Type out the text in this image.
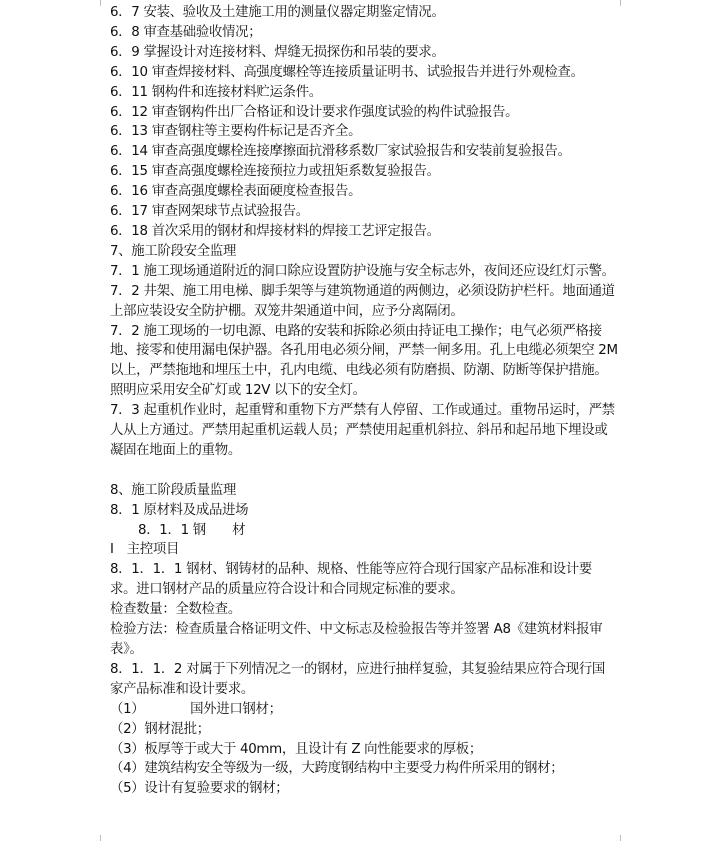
6．7 安装、验收及土建施工用的测量仪器定期鉴定情况。

6．8 审查基础验收情况；

6．9 掌握设计对连接材料、焊缝无损探伤和吊装的要求。

6．10 审查焊接材料、高强度螺栓等连接质量证明书、试验报告并进行外观检查。

6．11 钢构件和连接材料贮运条件。

6．12 审查钢构件出厂合格证和设计要求作强度试验的构件试验报告。

6．13 审查钢柱等主要构件标记是否齐全。

6．14 审查高强度螺栓连接摩擦面抗滑移系数厂家试验报告和安装前复验报告。

6．15 审查高强度螺栓连接预拉力或扭矩系数复验报告。

6．16 审查高强度螺栓表面硬度检查报告。

6．17 审查网架球节点试验报告。

6．18 首次采用的钢材和焊接材料的焊接工艺评定报告。

7、施工阶段安全监理

7．1 施工现场通道附近的洞口除应设置防护设施与安全标志外，夜间还应设红灯示警。

7．2 井架、施工用电梯、脚手架等与建筑物通道的两侧边，必须设防护栏杆。地面通道上部应装设安全防护棚。双笼井架通道中间，应予分离隔闭。

7．2 施工现场的一切电源、电路的安装和拆除必须由持证电工操作；电气必须严格接地、接零和使用漏电保护器。各孔用电必须分闸，严禁一闸多用。孔上电缆必须架空 2M 以上，严禁拖地和埋压土中，孔内电缆、电线必须有防磨损、防潮、防断等保护措施。照明应采用安全矿灯或 12V 以下的安全灯。

7．3 起重机作业时，起重臂和重物下方严禁有人停留、工作或通过。重物吊运时，严禁人从上方通过。严禁用起重机运载人员；严禁使用起重机斜拉、斜吊和起吊地下埋设或凝固在地面上的重物。

8、施工阶段质量监理

8．1 原材料及成品进场

8．1．1 钢　　材

Ⅰ　主控项目

8．1．1．1 钢材、钢铸材的品种、规格、性能等应符合现行国家产品标准和设计要求。进口钢材产品的质量应符合设计和合同规定标准的要求。

检查数量：全数检查。

检验方法：检查质量合格证明文件、中文标志及检验报告等并签署 A8《建筑材料报审表》。

8．1．1．2 对属于下列情况之一的钢材，应进行抽样复验，其复验结果应符合现行国家产品标准和设计要求。

（1）　　　　国外进口钢材；

（2）钢材混批；

（3）板厚等于或大于 40mm，且设计有 Z 向性能要求的厚板；

（4）建筑结构安全等级为一级，大跨度钢结构中主要受力构件所采用的钢材；

（5）设计有复验要求的钢材；
